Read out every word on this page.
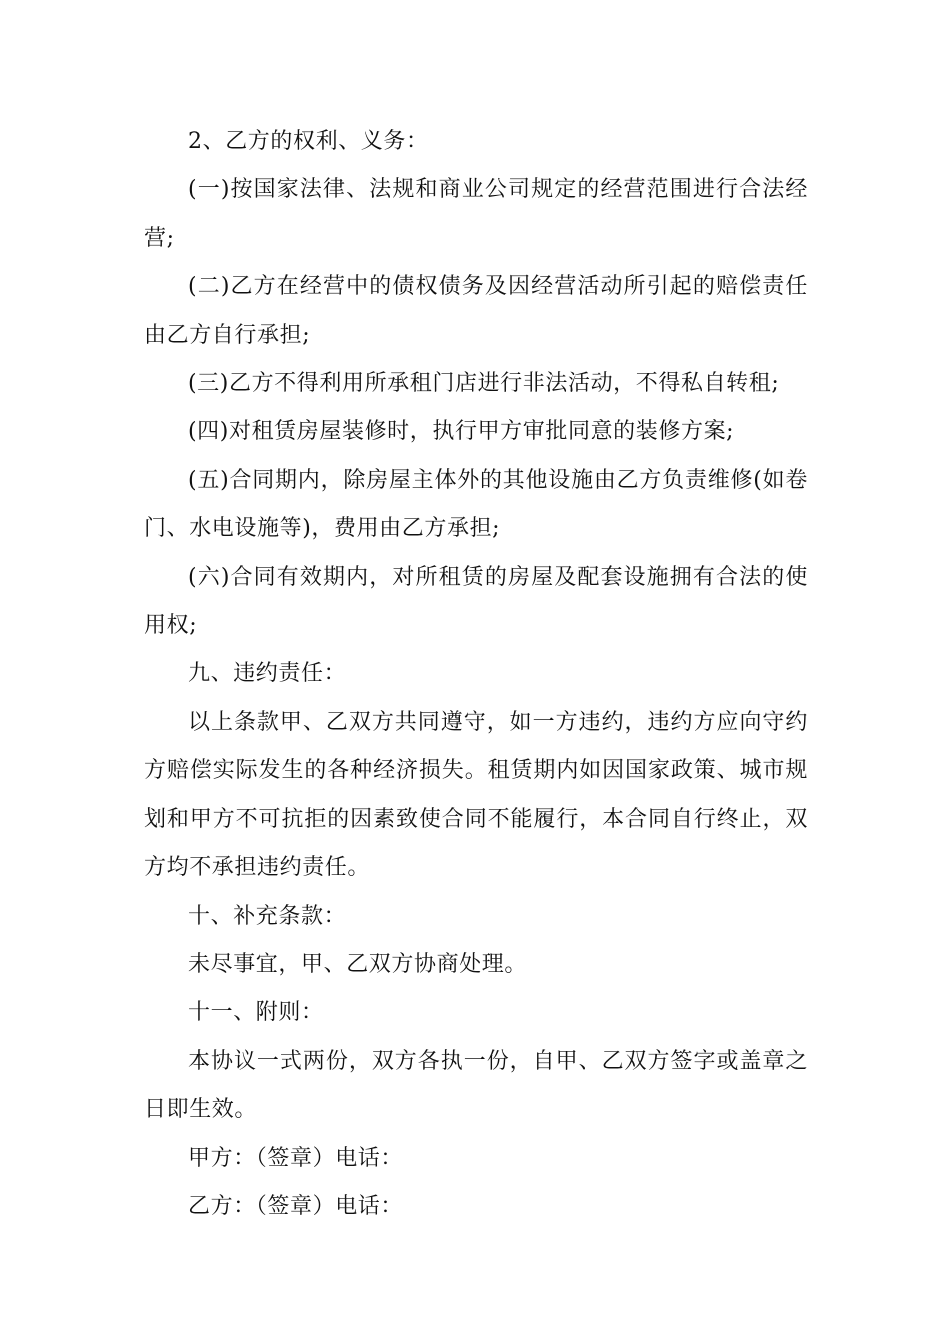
2、乙方的权利、义务：

(一)按国家法律、法规和商业公司规定的经营范围进行合法经营;

(二)乙方在经营中的债权债务及因经营活动所引起的赔偿责任由乙方自行承担;

(三)乙方不得利用所承租门店进行非法活动，不得私自转租;

(四)对租赁房屋装修时，执行甲方审批同意的装修方案;

(五)合同期内，除房屋主体外的其他设施由乙方负责维修(如卷门、水电设施等)，费用由乙方承担;

(六)合同有效期内，对所租赁的房屋及配套设施拥有合法的使用权;

九、违约责任：

以上条款甲、乙双方共同遵守，如一方违约，违约方应向守约方赔偿实际发生的各种经济损失。租赁期内如因国家政策、城市规划和甲方不可抗拒的因素致使合同不能履行，本合同自行终止，双方均不承担违约责任。

十、补充条款：

未尽事宜，甲、乙双方协商处理。

十一、附则：

本协议一式两份，双方各执一份，自甲、乙双方签字或盖章之日即生效。

甲方：（签章）电话：

乙方：（签章）电话：
